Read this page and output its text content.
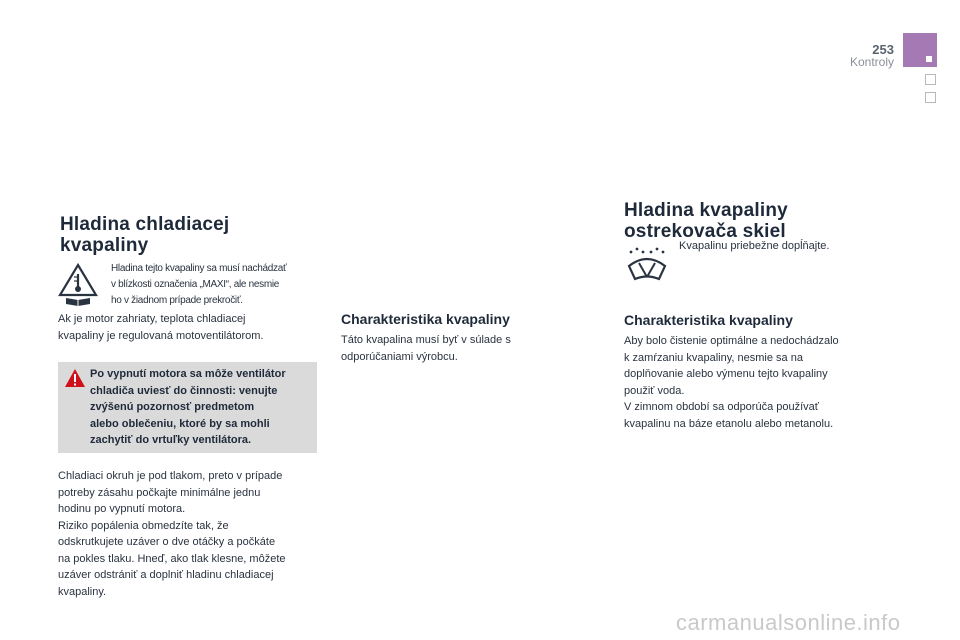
253
Kontroly
Hladina chladiacej
kvapaliny
Hladina tejto kvapaliny sa musí nachádzať
v blízkosti označenia „MAXI“, ale nesmie
ho v žiadnom prípade prekročiť.
Ak je motor zahriaty, teplota chladiacej
kvapaliny je regulovaná motoventilátorom.
Po vypnutí motora sa môže ventilátor
chladiča uviesť do činnosti: venujte
zvýšenú pozornosť predmetom
alebo oblečeniu, ktoré by sa mohli
zachytiť do vrtuľky ventilátora.
Chladiaci okruh je pod tlakom, preto v prípade
potreby zásahu počkajte minimálne jednu
hodinu po vypnutí motora.
Riziko popálenia obmedzíte tak, že
odskrutkujete uzáver o dve otáčky a počkáte
na pokles tlaku. Hneď, ako tlak klesne, môžete
uzáver odstrániť a doplniť hladinu chladiacej
kvapaliny.
Charakteristika kvapaliny
Táto kvapalina musí byť v súlade s
odporúčaniami výrobcu.
Hladina kvapaliny
ostrekovača skiel
Kvapalinu priebežne dopĺňajte.
Charakteristika kvapaliny
Aby bolo čistenie optimálne a nedochádzalo
k zamŕzaniu kvapaliny, nesmie sa na
doplňovanie alebo výmenu tejto kvapaliny
použiť voda.
V zimnom období sa odporúča používať
kvapalinu na báze etanolu alebo metanolu.
carmanualsonline.info
